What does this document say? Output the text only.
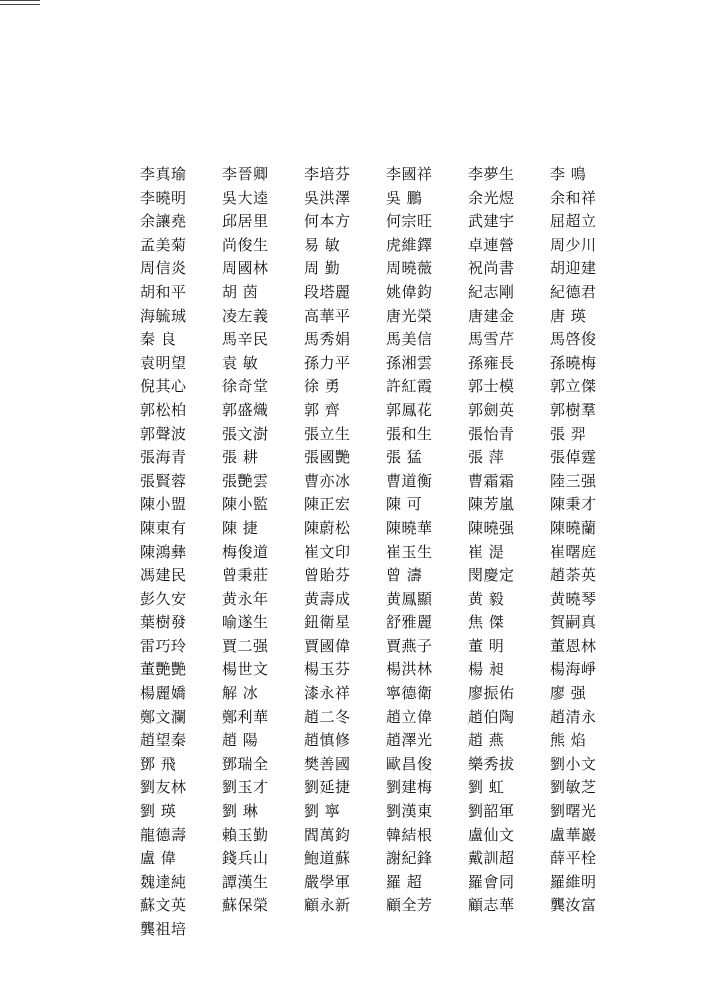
李真瑜	李晉卿	李培芬	李國祥	李夢生	李 鳴
李曉明	吳大逵	吳洪澤	吳 鵬	余光煜	余和祥
余讓堯	邱居里	何本方	何宗旺	武建宇	屈超立
孟美菊	尚俊生	易 敏	虎維鐸	卓連營	周少川
周信炎	周國林	周 勤	周曉薇	祝尚書	胡迎建
胡和平	胡 茵	段塔麗	姚偉鈞	紀志剛	紀德君
海毓珹	凌左義	高華平	唐光榮	唐建金	唐 瑛
秦 良	馬辛民	馬秀娟	馬美信	馬雪芹	馬啓俊
袁明望	袁 敏	孫力平	孫湘雲	孫雍長	孫曉梅
倪其心	徐奇堂	徐 勇	許紅霞	郭士模	郭立傑
郭松柏	郭盛熾	郭 齊	郭鳳花	郭劍英	郭樹羣
郭聲波	張文澍	張立生	張和生	張怡青	張 羿
張海青	張 耕	張國艷	張 猛	張 萍	張倬霆
張賢蓉	張艷雲	曹亦冰	曹道衡	曹霜霜	陸三强
陳小盟	陳小監	陳正宏	陳 可	陳芳嵐	陳秉才
陳東有	陳 捷	陳蔚松	陳曉華	陳曉强	陳曉蘭
陳鴻彝	梅俊道	崔文印	崔玉生	崔 湜	崔曙庭
馮建民	曾秉莊	曾貽芬	曾 濤	閔慶定	趙荼英
彭久安	黄永年	黄壽成	黄鳳顯	黄 毅	黄曉琴
葉樹發	喻遂生	鈕衛星	舒雅麗	焦 傑	賀嗣真
雷巧玲	賈二强	賈國偉	賈燕子	董 明	董恩林
董艷艷	楊世文	楊玉芬	楊洪林	楊 昶	楊海崢
楊麗嬌	解 冰	漆永祥	寧德衛	廖振佑	廖 强
鄭文瀾	鄭利華	趙二冬	趙立偉	趙伯陶	趙清永
趙望秦	趙 陽	趙慎修	趙澤光	趙 燕	熊 焰
鄧 飛	鄧瑞全	樊善國	歐昌俊	樂秀拔	劉小文
劉友林	劉玉才	劉延捷	劉建梅	劉 虹	劉敏芝
劉 瑛	劉 琳	劉 寧	劉漢東	劉韶軍	劉曙光
龍德壽	賴玉勤	閻萬鈞	韓結根	盧仙文	盧華巖
盧 偉	錢兵山	鮑道蘇	謝紀鋒	戴訓超	薛平栓
魏達純	譚漢生	嚴學軍	羅 超	羅會同	羅維明
蘇文英	蘇保榮	顧永新	顧全芳	顧志華	龔汝富
龔祖培
